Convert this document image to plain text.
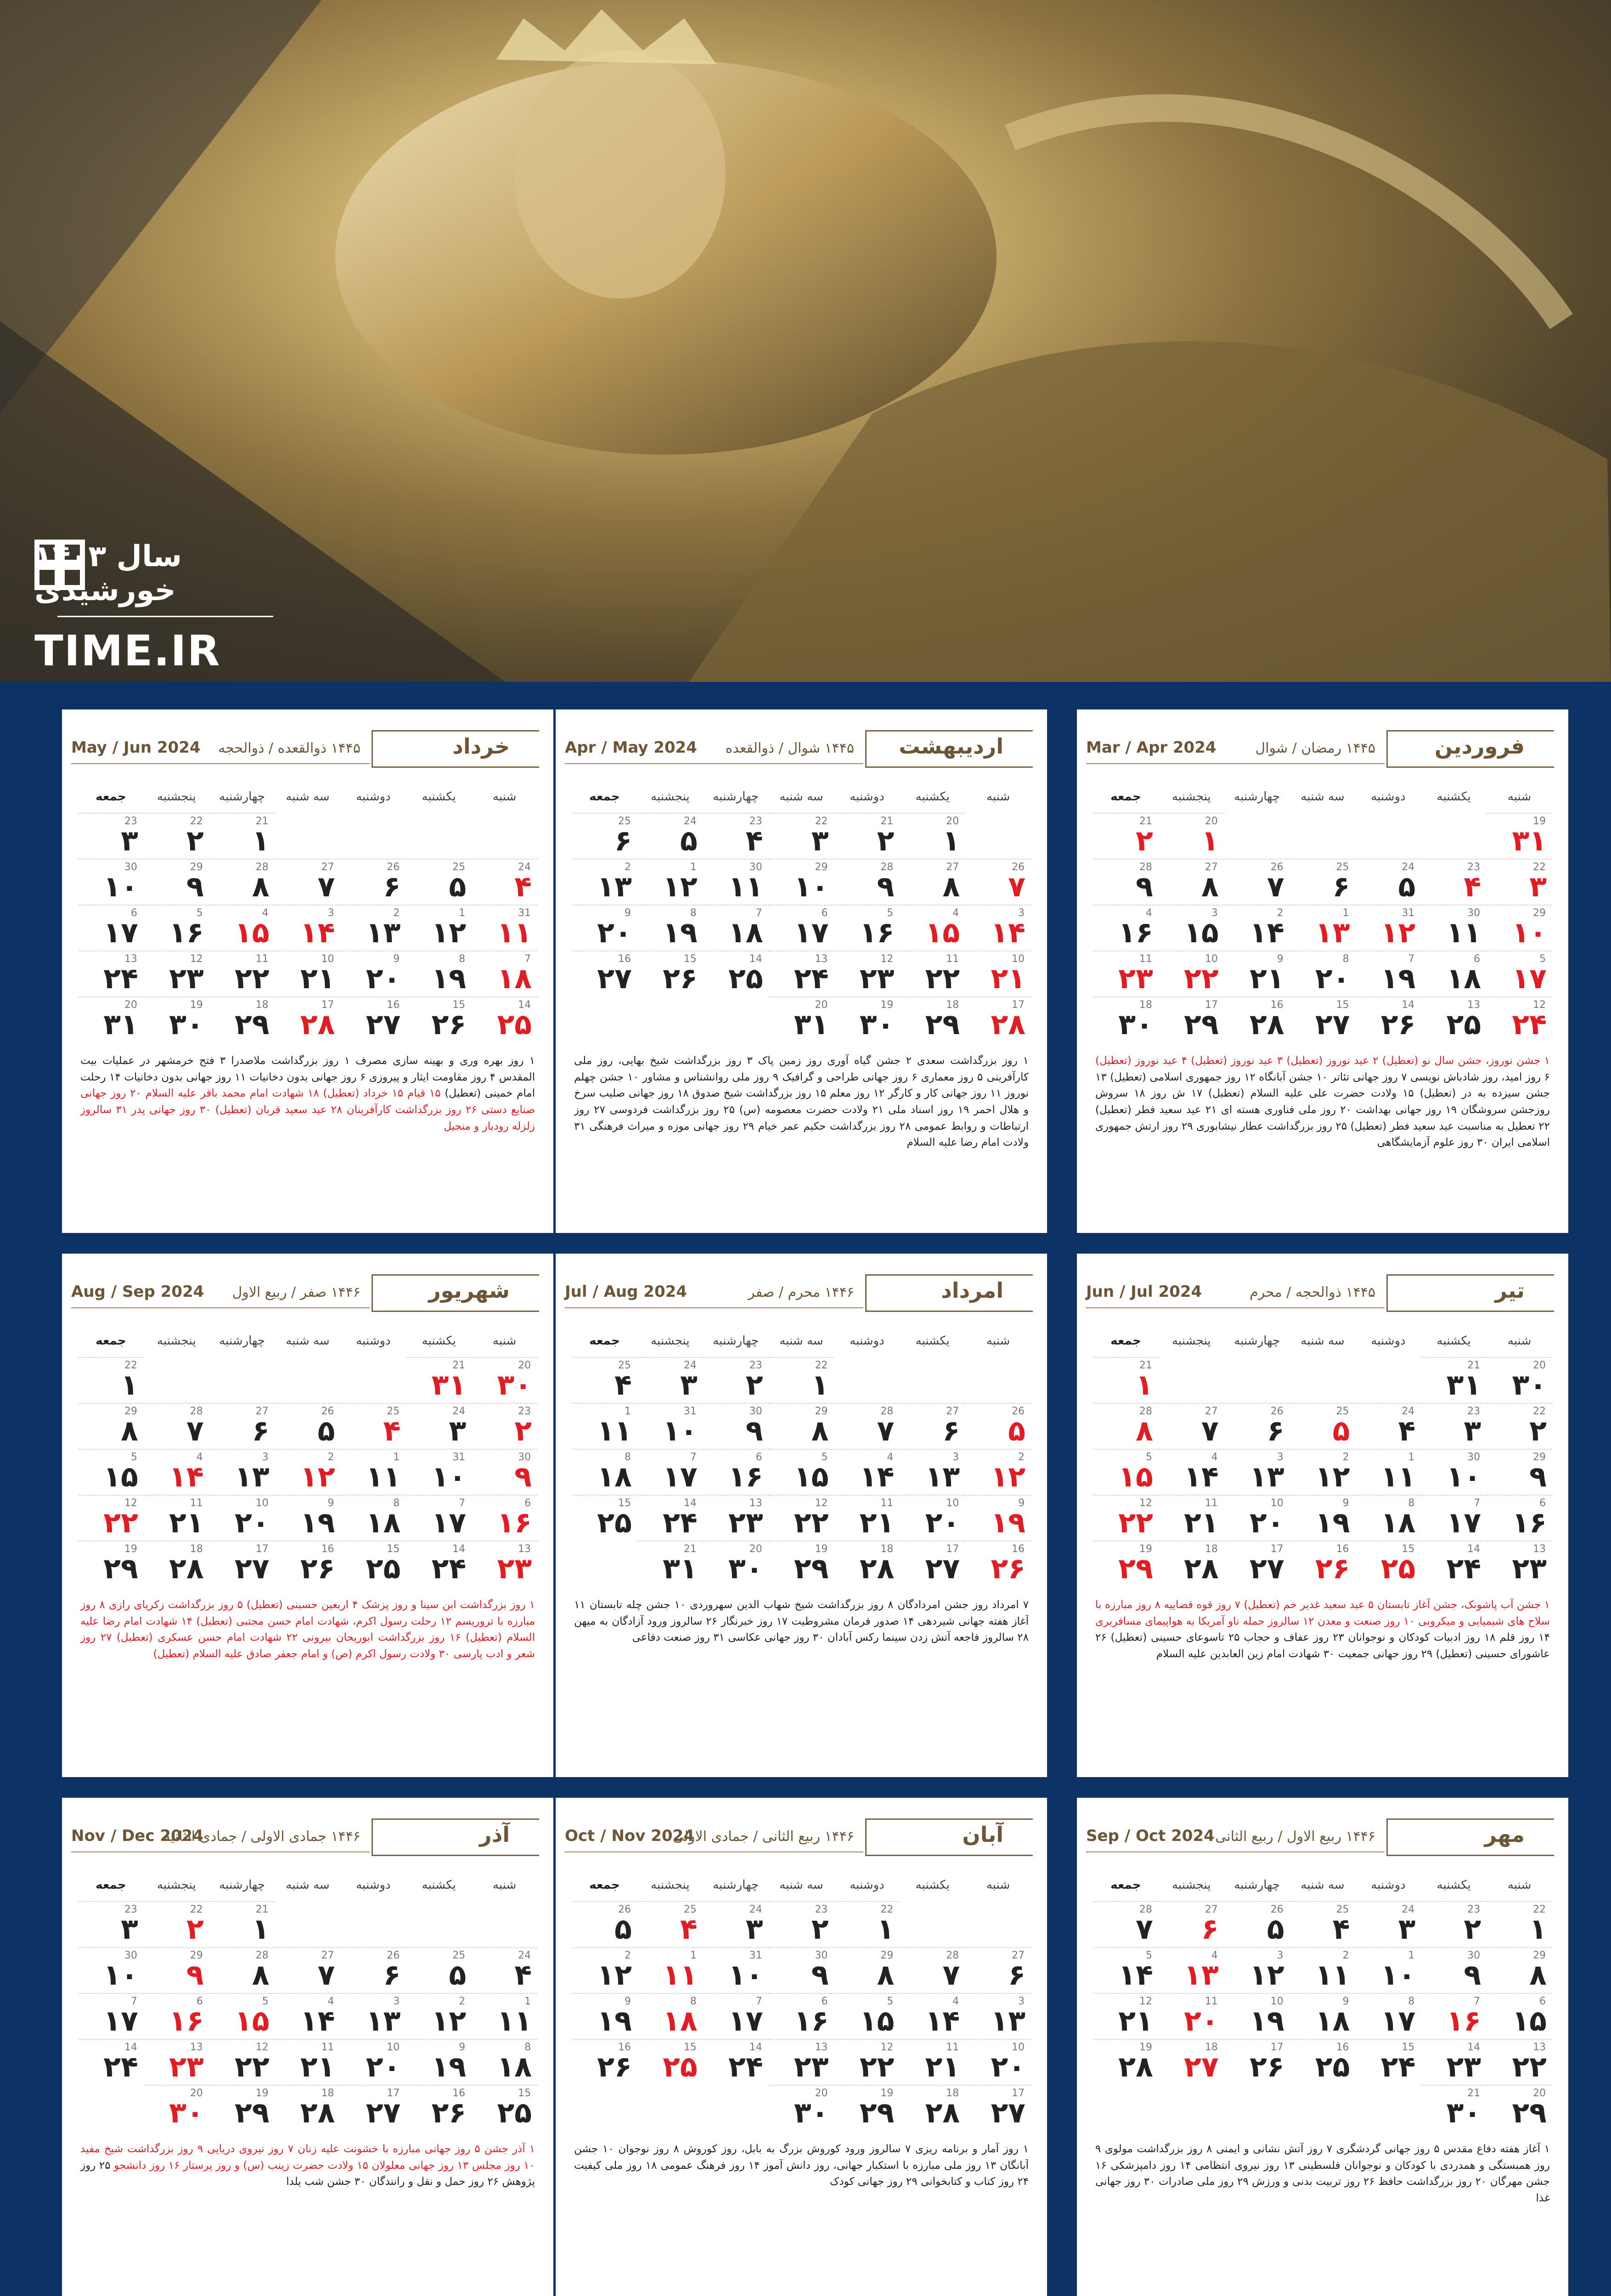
سال ۱۴۰۳ خورشیدی
TIME.IR
فروردین
۱۴۴۵ رمضان / شوال
Mar / Apr 2024
شنبه
یکشنبه
دوشنبه
سه شنبه
چهارشنبه
پنجشنبه
جمعه
۱
20
۲
21
۳
22
۴
23
۵
24
۶
25
۷
26
۸
27
۹
28
۱۰
29
۱۱
30
۱۲
31
۱۳
1
۱۴
2
۱۵
3
۱۶
4
۱۷
5
۱۸
6
۱۹
7
۲۰
8
۲۱
9
۲۲
10
۲۳
11
۲۴
12
۲۵
13
۲۶
14
۲۷
15
۲۸
16
۲۹
17
۳۰
18
۳۱
19
۱ جشن نوروز، جشن سال نو (تعطیل) ۲ عید نوروز (تعطیل) ۳ عید نوروز (تعطیل) ۴ عید نوروز (تعطیل) ۶ روز امید، روز شادباش نویسی ۷ روز جهانی تئاتر ۱۰ جشن آبانگاه ۱۲ روز جمهوری اسلامی (تعطیل) ۱۳ جشن سیزده به در (تعطیل) ۱۵ ولادت حضرت علی علیه السلام (تعطیل) ۱۷ ش روز ۱۸ سروش روزجشن سروشگان ۱۹ روز جهانی بهداشت ۲۰ روز ملی فناوری هسته ای ۲۱ عید سعید فطر (تعطیل) ۲۲ تعطیل به مناسبت عید سعید فطر (تعطیل) ۲۵ روز بزرگداشت عطار نیشابوری ۲۹ روز ارتش جمهوری اسلامی ایران ۳۰ روز علوم آزمایشگاهی
اردیبهشت
۱۴۴۵ شوال / ذوالقعده
Apr / May 2024
شنبه
یکشنبه
دوشنبه
سه شنبه
چهارشنبه
پنجشنبه
جمعه
۱
20
۲
21
۳
22
۴
23
۵
24
۶
25
۷
26
۸
27
۹
28
۱۰
29
۱۱
30
۱۲
1
۱۳
2
۱۴
3
۱۵
4
۱۶
5
۱۷
6
۱۸
7
۱۹
8
۲۰
9
۲۱
10
۲۲
11
۲۳
12
۲۴
13
۲۵
14
۲۶
15
۲۷
16
۲۸
17
۲۹
18
۳۰
19
۳۱
20
۱ روز بزرگداشت سعدی ۲ جشن گیاه آوری روز زمین پاک ۳ روز بزرگداشت شیخ بهایی، روز ملی کارآفرینی ۵ روز معماری ۶ روز جهانی طراحی و گرافیک ۹ روز ملی روانشناس و مشاور ۱۰ جشن چهلم نوروز ۱۱ روز جهانی کار و کارگر ۱۲ روز معلم ۱۵ روز بزرگداشت شیخ صدوق ۱۸ روز جهانی صلیب سرخ و هلال احمر ۱۹ روز اسناد ملی ۲۱ ولادت حضرت معصومه (س) ۲۵ روز بزرگداشت فردوسی ۲۷ روز ارتباطات و روابط عمومی ۲۸ روز بزرگداشت حکیم عمر خیام ۲۹ روز جهانی موزه و میراث فرهنگی ۳۱ ولادت امام رضا علیه السلام
خرداد
۱۴۴۵ ذوالقعده / ذوالحجه
May / Jun 2024
شنبه
یکشنبه
دوشنبه
سه شنبه
چهارشنبه
پنجشنبه
جمعه
۱
21
۲
22
۳
23
۴
24
۵
25
۶
26
۷
27
۸
28
۹
29
۱۰
30
۱۱
31
۱۲
1
۱۳
2
۱۴
3
۱۵
4
۱۶
5
۱۷
6
۱۸
7
۱۹
8
۲۰
9
۲۱
10
۲۲
11
۲۳
12
۲۴
13
۲۵
14
۲۶
15
۲۷
16
۲۸
17
۲۹
18
۳۰
19
۳۱
20
۱ روز بهره وری و بهینه سازی مصرف ۱ روز بزرگداشت ملاصدرا ۳ فتح خرمشهر در عملیات بیت المقدس ۴ روز مقاومت ایثار و پیروزی ۶ روز جهانی بدون دخانیات ۱۱ روز جهانی بدون دخانیات ۱۴ رحلت امام خمینی (تعطیل) ۱۵ قیام ۱۵ خرداد (تعطیل) ۱۸ شهادت امام محمد باقر علیه السلام ۲۰ روز جهانی صنایع دستی ۲۶ روز بزرگداشت کارآفرینان ۲۸ عید سعید قربان (تعطیل) ۳۰ روز جهانی پدر ۳۱ سالروز زلزله رودبار و منجیل
تیر
۱۴۴۵ ذوالحجه / محرم
Jun / Jul 2024
شنبه
یکشنبه
دوشنبه
سه شنبه
چهارشنبه
پنجشنبه
جمعه
۱
21
۲
22
۳
23
۴
24
۵
25
۶
26
۷
27
۸
28
۹
29
۱۰
30
۱۱
1
۱۲
2
۱۳
3
۱۴
4
۱۵
5
۱۶
6
۱۷
7
۱۸
8
۱۹
9
۲۰
10
۲۱
11
۲۲
12
۲۳
13
۲۴
14
۲۵
15
۲۶
16
۲۷
17
۲۸
18
۲۹
19
۳۰
20
۳۱
21
۱ جشن آب پاشونک، جشن آغاز تابستان ۵ عید سعید غدیر خم (تعطیل) ۷ روز قوه قضاییه ۸ روز مبارزه با سلاح های شیمیایی و میکروبی ۱۰ روز صنعت و معدن ۱۲ سالروز حمله ناو آمریکا به هواپیمای مسافربری ۱۴ روز قلم ۱۸ روز ادبیات کودکان و نوجوانان ۲۳ روز عفاف و حجاب ۲۵ تاسوعای حسینی (تعطیل) ۲۶ عاشورای حسینی (تعطیل) ۲۹ روز جهانی جمعیت ۳۰ شهادت امام زین العابدین علیه السلام
امرداد
۱۴۴۶ محرم / صفر
Jul / Aug 2024
شنبه
یکشنبه
دوشنبه
سه شنبه
چهارشنبه
پنجشنبه
جمعه
۱
22
۲
23
۳
24
۴
25
۵
26
۶
27
۷
28
۸
29
۹
30
۱۰
31
۱۱
1
۱۲
2
۱۳
3
۱۴
4
۱۵
5
۱۶
6
۱۷
7
۱۸
8
۱۹
9
۲۰
10
۲۱
11
۲۲
12
۲۳
13
۲۴
14
۲۵
15
۲۶
16
۲۷
17
۲۸
18
۲۹
19
۳۰
20
۳۱
21
۷ امرداد روز جشن امردادگان ۸ روز بزرگداشت شیخ شهاب الدین سهروردی ۱۰ جشن چله تابستان ۱۱ آغاز هفته جهانی شیردهی ۱۴ صدور فرمان مشروطیت ۱۷ روز خبرنگار ۲۶ سالروز ورود آزادگان به میهن ۲۸ سالروز فاجعه آتش زدن سینما رکس آبادان ۳۰ روز جهانی عکاسی ۳۱ روز صنعت دفاعی
شهریور
۱۴۴۶ صفر / ربیع الاول
Aug / Sep 2024
شنبه
یکشنبه
دوشنبه
سه شنبه
چهارشنبه
پنجشنبه
جمعه
۱
22
۲
23
۳
24
۴
25
۵
26
۶
27
۷
28
۸
29
۹
30
۱۰
31
۱۱
1
۱۲
2
۱۳
3
۱۴
4
۱۵
5
۱۶
6
۱۷
7
۱۸
8
۱۹
9
۲۰
10
۲۱
11
۲۲
12
۲۳
13
۲۴
14
۲۵
15
۲۶
16
۲۷
17
۲۸
18
۲۹
19
۳۰
20
۳۱
21
۱ روز بزرگداشت ابن سینا و روز پزشک ۴ اربعین حسینی (تعطیل) ۵ روز بزرگداشت زکریای رازی ۸ روز مبارزه با تروریسم ۱۲ رحلت رسول اکرم، شهادت امام حسن مجتبی (تعطیل) ۱۴ شهادت امام رضا علیه السلام (تعطیل) ۱۶ روز بزرگداشت ابوریحان بیرونی ۲۲ شهادت امام حسن عسکری (تعطیل) ۲۷ روز شعر و ادب پارسی ۳۰ ولادت رسول اکرم (ص) و امام جعفر صادق علیه السلام (تعطیل)
مهر
۱۴۴۶ ربیع الاول / ربیع الثانی
Sep / Oct 2024
شنبه
یکشنبه
دوشنبه
سه شنبه
چهارشنبه
پنجشنبه
جمعه
۱
22
۲
23
۳
24
۴
25
۵
26
۶
27
۷
28
۸
29
۹
30
۱۰
1
۱۱
2
۱۲
3
۱۳
4
۱۴
5
۱۵
6
۱۶
7
۱۷
8
۱۸
9
۱۹
10
۲۰
11
۲۱
12
۲۲
13
۲۳
14
۲۴
15
۲۵
16
۲۶
17
۲۷
18
۲۸
19
۲۹
20
۳۰
21
۱ آغاز هفته دفاع مقدس ۵ روز جهانی گردشگری ۷ روز آتش نشانی و ایمنی ۸ روز بزرگداشت مولوی ۹ روز همبستگی و همدردی با کودکان و نوجوانان فلسطینی ۱۳ روز نیروی انتظامی ۱۴ روز دامپزشکی ۱۶ جشن مهرگان ۲۰ روز بزرگداشت حافظ ۲۶ روز تربیت بدنی و ورزش ۲۹ روز ملی صادرات ۳۰ روز جهانی غذا
آبان
۱۴۴۶ ربیع الثانی / جمادی الاولی
Oct / Nov 2024
شنبه
یکشنبه
دوشنبه
سه شنبه
چهارشنبه
پنجشنبه
جمعه
۱
22
۲
23
۳
24
۴
25
۵
26
۶
27
۷
28
۸
29
۹
30
۱۰
31
۱۱
1
۱۲
2
۱۳
3
۱۴
4
۱۵
5
۱۶
6
۱۷
7
۱۸
8
۱۹
9
۲۰
10
۲۱
11
۲۲
12
۲۳
13
۲۴
14
۲۵
15
۲۶
16
۲۷
17
۲۸
18
۲۹
19
۳۰
20
۱ روز آمار و برنامه ریزی ۷ سالروز ورود کوروش بزرگ به بابل، روز کوروش ۸ روز نوجوان ۱۰ جشن آبانگان ۱۳ روز ملی مبارزه با استکبار جهانی، روز دانش آموز ۱۴ روز فرهنگ عمومی ۱۸ روز ملی کیفیت ۲۴ روز کتاب و کتابخوانی ۲۹ روز جهانی کودک
آذر
۱۴۴۶ جمادی الاولی / جمادی الثانیه
Nov / Dec 2024
شنبه
یکشنبه
دوشنبه
سه شنبه
چهارشنبه
پنجشنبه
جمعه
۱
21
۲
22
۳
23
۴
24
۵
25
۶
26
۷
27
۸
28
۹
29
۱۰
30
۱۱
1
۱۲
2
۱۳
3
۱۴
4
۱۵
5
۱۶
6
۱۷
7
۱۸
8
۱۹
9
۲۰
10
۲۱
11
۲۲
12
۲۳
13
۲۴
14
۲۵
15
۲۶
16
۲۷
17
۲۸
18
۲۹
19
۳۰
20
۱ آذر جشن ۵ روز جهانی مبارزه با خشونت علیه زنان ۷ روز نیروی دریایی ۹ روز بزرگداشت شیخ مفید ۱۰ روز مجلس ۱۳ روز جهانی معلولان ۱۵ ولادت حضرت زینب (س) و روز پرستار ۱۶ روز دانشجو ۲۵ روز پژوهش ۲۶ روز حمل و نقل و رانندگان ۳۰ جشن شب یلدا
